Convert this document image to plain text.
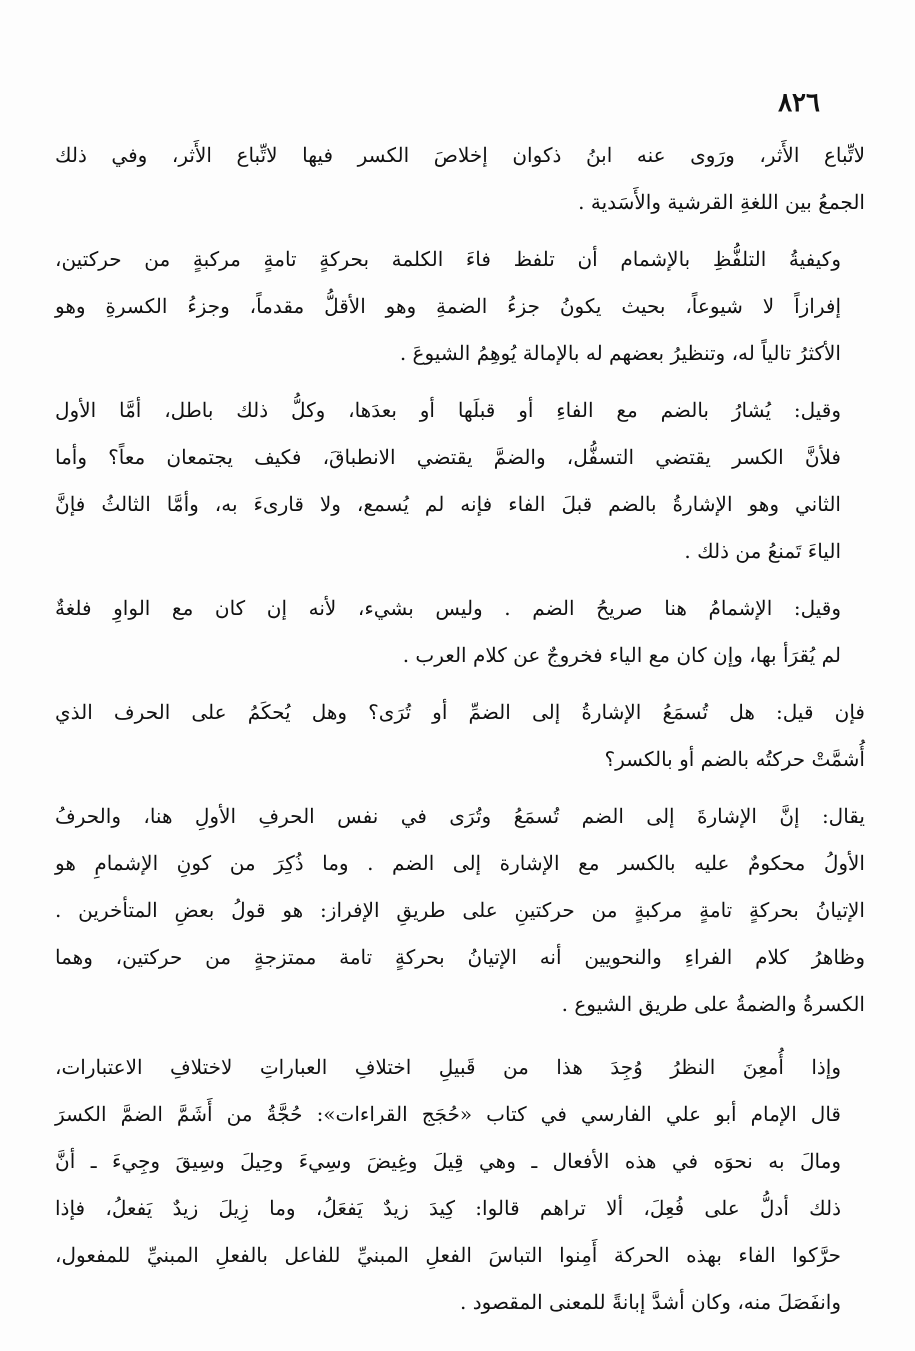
٨٢٦

لاتِّباع الأَثر، ورَوى عنه ابنُ ذكوان إخلاصَ الكسر فيها لاتِّباع الأَثر، وفي ذلك
الجمعُ بين اللغةِ القرشية والأَسَدية .

وكيفيةُ التلفُّظِ بالإشمام أن تلفظ فاءَ الكلمة بحركةٍ تامةٍ مركبةٍ من حركتين،
إفرازاً لا شيوعاً، بحيث يكونُ جزءُ الضمةِ وهو الأقلُّ مقدماً، وجزءُ الكسرةِ وهو
الأكثرُ تالياً له، وتنظيرُ بعضهم له بالإمالة يُوهِمُ الشيوعَ .

وقيل: يُشارُ بالضم مع الفاءِ أو قبلَها أو بعدَها، وكلُّ ذلك باطل، أمَّا الأول
فلأنَّ الكسر يقتضي التسفُّل، والضمَّ يقتضي الانطباقَ، فكيف يجتمعان معاً؟ وأما
الثاني وهو الإشارةُ بالضم قبلَ الفاء فإنه لم يُسمع، ولا قارىءَ به، وأمَّا الثالثُ فإنَّ
الياءَ تَمنعُ من ذلك .

وقيل: الإشمامُ هنا صريحُ الضم . وليس بشيء، لأنه إن كان مع الواوِ فلغةٌ
لم يُقرَأ بها، وإن كان مع الياء فخروجٌ عن كلام العرب .

فإن قيل: هل تُسمَعُ الإشارةُ إلى الضمِّ أو تُرَى؟ وهل يُحكَمُ على الحرف الذي
أُشمَّتْ حركتُه بالضم أو بالكسر؟

يقال: إنَّ الإشارةَ إلى الضم تُسمَعُ وتُرَى في نفس الحرفِ الأولِ هنا، والحرفُ
الأولُ محكومٌ عليه بالكسر مع الإشارة إلى الضم . وما ذُكِرَ من كونِ الإشمامِ هو
الإتيانُ بحركةٍ تامةٍ مركبةٍ من حركتينِ على طريقِ الإفراز: هو قولُ بعضِ المتأخرين .
وظاهرُ كلام الفراءِ والنحويين أنه الإتيانُ بحركةٍ تامة ممتزجةٍ من حركتين، وهما
الكسرةُ والضمةُ على طريق الشيوع .

وإذا أُمعِنَ النظرُ وُجِدَ هذا من قَبيلِ اختلافِ العباراتِ لاختلافِ الاعتبارات،
قال الإمام أبو علي الفارسي في كتاب «حُجَج القراءات»: حُجَّةُ من أَشَمَّ الضمَّ الكسرَ
ومالَ به نحوَه في هذه الأفعال ـ وهي قِيلَ وغِيضَ وسِيءَ وحِيلَ وسِيقَ وجِيءَ ـ أنَّ
ذلك أدلُّ على فُعِلَ، ألا تراهم قالوا: كِيدَ زيدٌ يَفعَلُ، وما زِيلَ زيدٌ يَفعلُ، فإذا
حرَّكوا الفاء بهذه الحركة أَمِنوا التباسَ الفعلِ المبنيِّ للفاعل بالفعلِ المبنيِّ للمفعول،
وانفَصَلَ منه، وكان أشدَّ إبانةً للمعنى المقصود .
